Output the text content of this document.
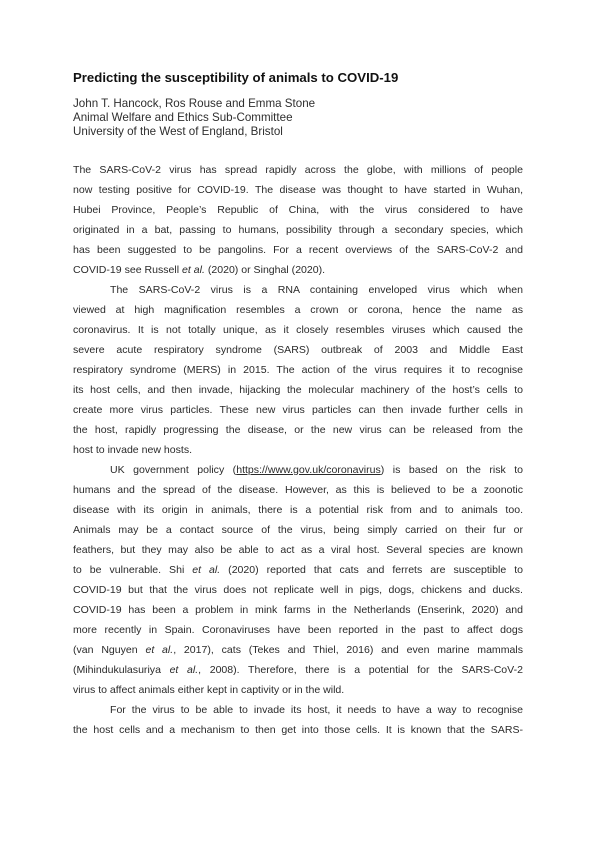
Predicting the susceptibility of animals to COVID-19
John T. Hancock, Ros Rouse and Emma Stone
Animal Welfare and Ethics Sub-Committee
University of the West of England, Bristol
The SARS-CoV-2 virus has spread rapidly across the globe, with millions of people
now testing positive for COVID-19. The disease was thought to have started in Wuhan,
Hubei Province, People’s Republic of China, with the virus considered to have
originated in a bat, passing to humans, possibility through a secondary species, which
has been suggested to be pangolins. For a recent overviews of the SARS-CoV-2 and
COVID-19 see Russell et al. (2020) or Singhal (2020).
The SARS-CoV-2 virus is a RNA containing enveloped virus which when
viewed at high magnification resembles a crown or corona, hence the name as
coronavirus. It is not totally unique, as it closely resembles viruses which caused the
severe acute respiratory syndrome (SARS) outbreak of 2003 and Middle East
respiratory syndrome (MERS) in 2015. The action of the virus requires it to recognise
its host cells, and then invade, hijacking the molecular machinery of the host’s cells to
create more virus particles. These new virus particles can then invade further cells in
the host, rapidly progressing the disease, or the new virus can be released from the
host to invade new hosts.
UK government policy (https://www.gov.uk/coronavirus) is based on the risk to
humans and the spread of the disease. However, as this is believed to be a zoonotic
disease with its origin in animals, there is a potential risk from and to animals too.
Animals may be a contact source of the virus, being simply carried on their fur or
feathers, but they may also be able to act as a viral host. Several species are known
to be vulnerable. Shi et al. (2020) reported that cats and ferrets are susceptible to
COVID-19 but that the virus does not replicate well in pigs, dogs, chickens and ducks.
COVID-19 has been a problem in mink farms in the Netherlands (Enserink, 2020) and
more recently in Spain. Coronaviruses have been reported in the past to affect dogs
(van Nguyen et al., 2017), cats (Tekes and Thiel, 2016) and even marine mammals
(Mihindukulasuriya et al., 2008). Therefore, there is a potential for the SARS-CoV-2
virus to affect animals either kept in captivity or in the wild.
For the virus to be able to invade its host, it needs to have a way to recognise
the host cells and a mechanism to then get into those cells. It is known that the SARS-
